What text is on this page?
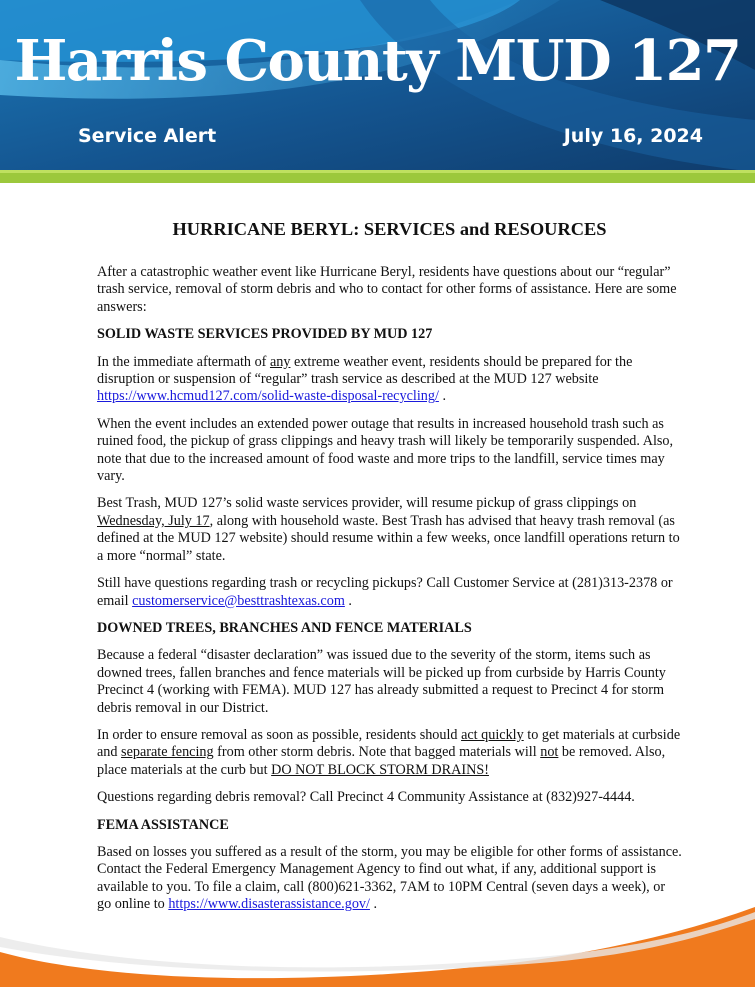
Harris County MUD 127
Service Alert	July 16, 2024
HURRICANE BERYL: SERVICES and RESOURCES

After a catastrophic weather event like Hurricane Beryl, residents have questions about our “regular” trash service, removal of storm debris and who to contact for other forms of assistance. Here are some answers:

SOLID WASTE SERVICES PROVIDED BY MUD 127

In the immediate aftermath of any extreme weather event, residents should be prepared for the disruption or suspension of “regular” trash service as described at the MUD 127 website https://www.hcmud127.com/solid-waste-disposal-recycling/ .

When the event includes an extended power outage that results in increased household trash such as ruined food, the pickup of grass clippings and heavy trash will likely be temporarily suspended. Also, note that due to the increased amount of food waste and more trips to the landfill, service times may vary.

Best Trash, MUD 127’s solid waste services provider, will resume pickup of grass clippings on Wednesday, July 17, along with household waste. Best Trash has advised that heavy trash removal (as defined at the MUD 127 website) should resume within a few weeks, once landfill operations return to a more “normal” state.

Still have questions regarding trash or recycling pickups? Call Customer Service at (281)313-2378 or email customerservice@besttrashtexas.com .

DOWNED TREES, BRANCHES AND FENCE MATERIALS

Because a federal “disaster declaration” was issued due to the severity of the storm, items such as downed trees, fallen branches and fence materials will be picked up from curbside by Harris County Precinct 4 (working with FEMA). MUD 127 has already submitted a request to Precinct 4 for storm debris removal in our District.

In order to ensure removal as soon as possible, residents should act quickly to get materials at curbside and separate fencing from other storm debris. Note that bagged materials will not be removed. Also, place materials at the curb but DO NOT BLOCK STORM DRAINS!

Questions regarding debris removal? Call Precinct 4 Community Assistance at (832)927-4444.

FEMA ASSISTANCE

Based on losses you suffered as a result of the storm, you may be eligible for other forms of assistance. Contact the Federal Emergency Management Agency to find out what, if any, additional support is available to you. To file a claim, call (800)621-3362, 7AM to 10PM Central (seven days a week), or go online to https://www.disasterassistance.gov/ .
